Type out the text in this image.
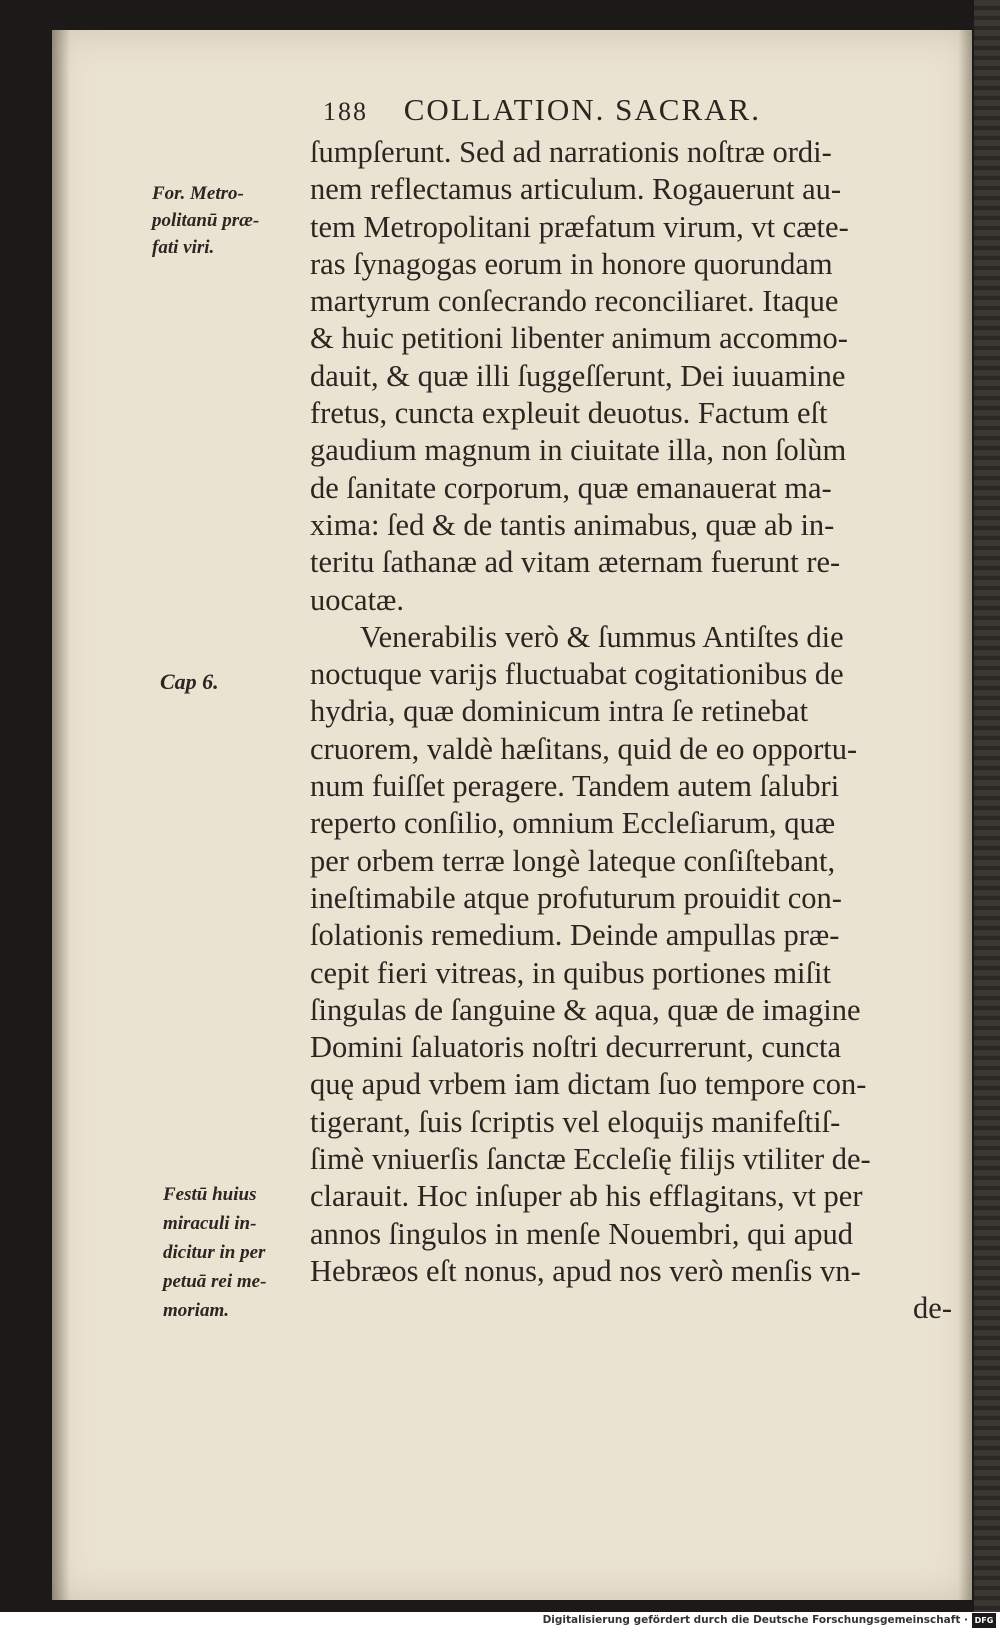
188 COLLATION. SACRAR.
For. Metro-
politanū præ-
fati viri.
Cap 6.
Festū huius
miraculi in-
dicitur in per
petuā rei me-
moriam.
ſumpſerunt. Sed ad narrationis noſtræ ordi-
nem reflectamus articulum. Rogauerunt au-
tem Metropolitani præfatum virum, vt cæte-
ras ſynagogas eorum in honore quorundam
martyrum conſecrando reconciliaret. Itaque
& huic petitioni libenter animum accommo-
dauit, & quæ illi ſuggeſſerunt, Dei iuuamine
fretus, cuncta expleuit deuotus. Factum eſt
gaudium magnum in ciuitate illa, non ſolùm
de ſanitate corporum, quæ emanauerat ma-
xima: ſed & de tantis animabus, quæ ab in-
teritu ſathanæ ad vitam æternam fuerunt re-
uocatæ.
Venerabilis verò & ſummus Antiſtes die
noctuque varijs fluctuabat cogitationibus de
hydria, quæ dominicum intra ſe retinebat
cruorem, valdè hæſitans, quid de eo opportu-
num fuiſſet peragere. Tandem autem ſalubri
reperto conſilio, omnium Eccleſiarum, quæ
per orbem terræ longè lateque conſiſtebant,
ineſtimabile atque profuturum prouidit con-
ſolationis remedium. Deinde ampullas præ-
cepit fieri vitreas, in quibus portiones miſit
ſingulas de ſanguine & aqua, quæ de imagine
Domini ſaluatoris noſtri decurrerunt, cuncta
quę apud vrbem iam dictam ſuo tempore con-
tigerant, ſuis ſcriptis vel eloquijs manifeſtiſ-
ſimè vniuerſis ſanctæ Eccleſię filijs vtiliter de-
clarauit. Hoc inſuper ab his efflagitans, vt per
annos ſingulos in menſe Nouembri, qui apud
Hebræos eſt nonus, apud nos verò menſis vn-
de-
Digitalisierung gefördert durch die Deutsche Forschungsgemeinschaft · DFG
